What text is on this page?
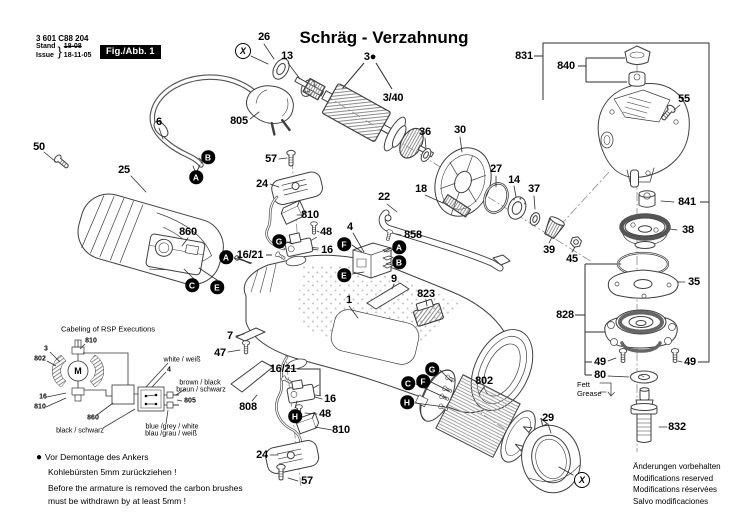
3 601 C88 204
Stand
Issue } 18-08
18-11-05	Fig./Abb. 1
Schräg - Verzahnung
Cabeling of RSP Executions
M
26
13	3●
3/40
805
6
50
25
57
24
810
48
16/21	16
860
36 30
22
18
858
4
27
14
37
39
45
831
840
55
841
38
35
828
49	49
80
832
29
802
823
9
1
7
47
16/21
16
48
810
24
57
808
810
3
802
16
810
860
4
805
white / weiß
brown / black
braun / schwarz
blue /grey / white
blau /grau / weiß
black / schwarz
B
A
A
C	E
G	F	A
B
E
G
F
C
H
H
X
X
● Vor Demontage des Ankers
Kohlebürsten 5mm zurückziehen !
Before the armature is removed the carbon brushes
must be withdrawn by at least 5mm !
Fett
Grease
Änderungen vorbehalten
Modifications reserved
Modifications réservées
Salvo modificaciones
